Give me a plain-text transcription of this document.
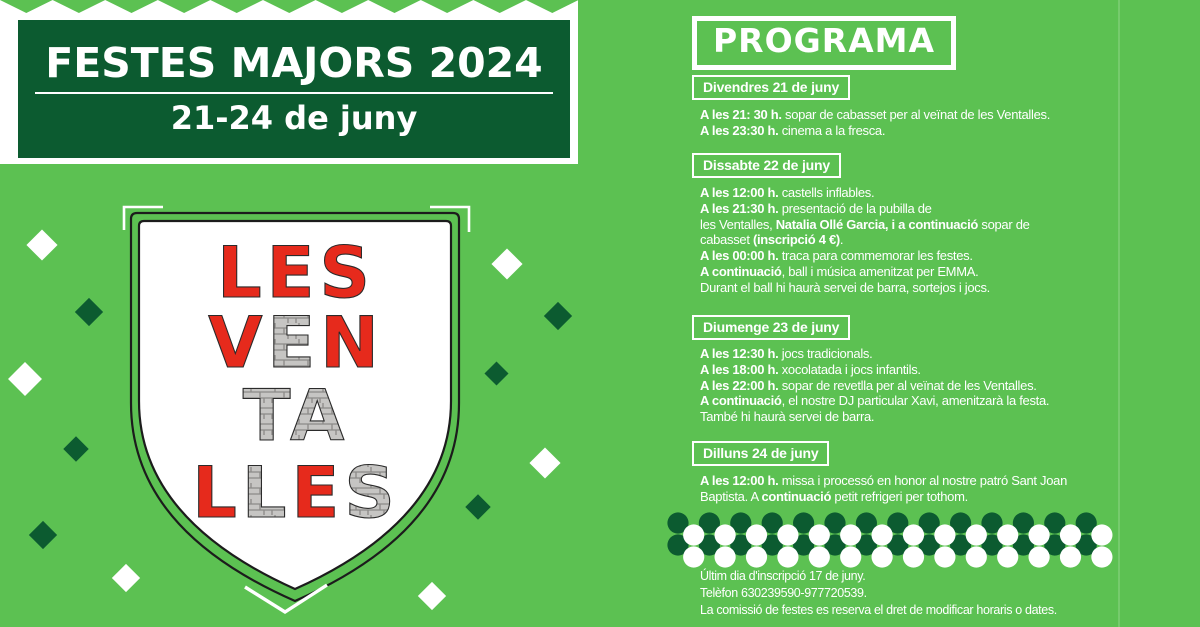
FESTES MAJORS 2024
21-24 de juny
LES
VEN
TA
LLES
PROGRAMA
Divendres 21 de juny
A les 21: 30 h. sopar de cabasset per al veïnat de les Ventalles.
A les 23:30 h. cinema a la fresca.
Dissabte 22 de juny
A les 12:00 h. castells inflables.
A les 21:30 h. presentació de la pubilla de
les Ventalles, Natalia Ollé Garcia, i a continuació sopar de
cabasset (inscripció 4 €).
A les 00:00 h. traca para commemorar les festes.
A continuació, ball i música amenitzat per EMMA.
Durant el ball hi haurà servei de barra, sortejos i jocs.
Diumenge 23 de juny
A les 12:30 h. jocs tradicionals.
A les 18:00 h. xocolatada i jocs infantils.
A les 22:00 h. sopar de revetlla per al veïnat de les Ventalles.
A continuació, el nostre DJ particular Xavi, amenitzarà la festa.
També hi haurà servei de barra.
Dilluns 24 de juny
A les 12:00 h. missa i processó en honor al nostre patró Sant Joan
Baptista. A continuació petit refrigeri per tothom.
Últim dia d'inscripció 17 de juny.
Telèfon 630239590-977720539.
La comissió de festes es reserva el dret de modificar horaris o dates.
